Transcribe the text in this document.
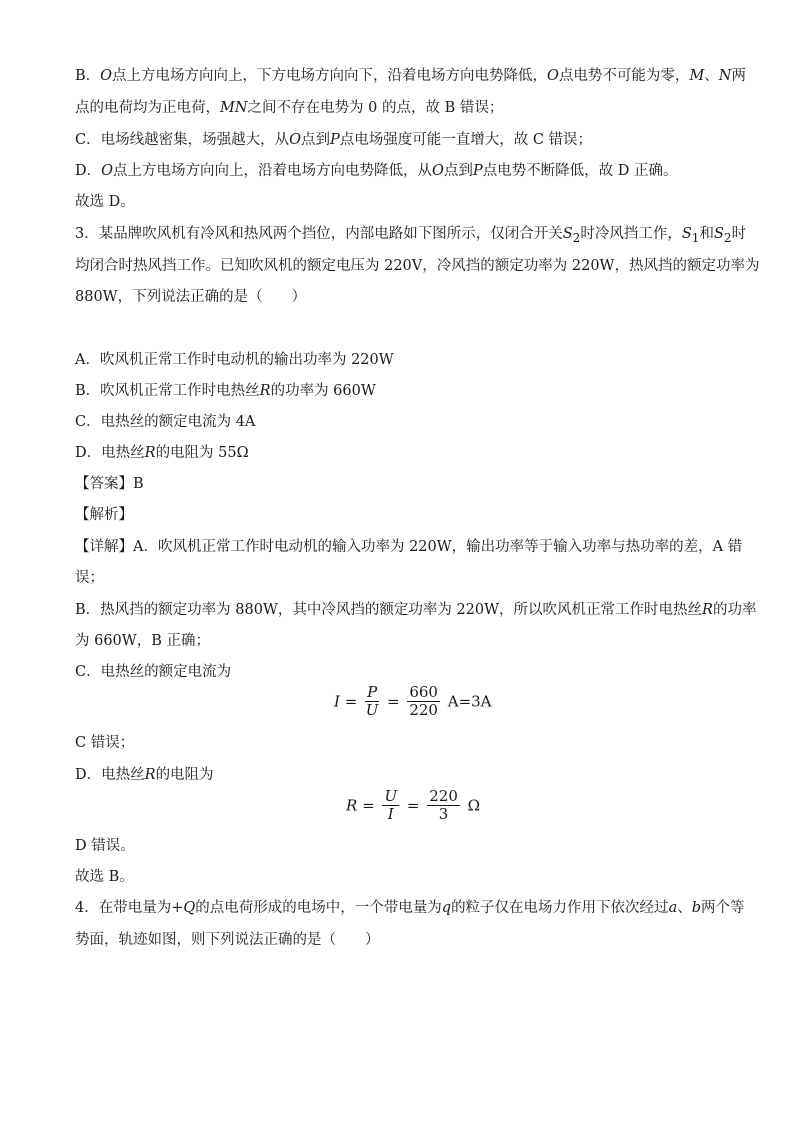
B．O点上方电场方向向上，下方电场方向向下，沿着电场方向电势降低，O点电势不可能为零，M、N两
点的电荷均为正电荷，MN之间不存在电势为 0 的点，故 B 错误；
C．电场线越密集，场强越大，从O点到P点电场强度可能一直增大，故 C 错误；
D．O点上方电场方向向上，沿着电场方向电势降低，从O点到P点电势不断降低，故 D 正确。
故选 D。
3．某品牌吹风机有冷风和热风两个挡位，内部电路如下图所示，仅闭合开关$S_2$时冷风挡工作，$S_1$和$S_2$时
均闭合时热风挡工作。已知吹风机的额定电压为 220V，冷风挡的额定功率为 220W，热风挡的额定功率为
880W，下列说法正确的是（　　）
A．吹风机正常工作时电动机的输出功率为 220W
B．吹风机正常工作时电热丝R的功率为 660W
C．电热丝的额定电流为 4A
D．电热丝R的电阻为 55Ω
【答案】B
【解析】
【详解】A．吹风机正常工作时电动机的输入功率为 220W，输出功率等于输入功率与热功率的差，A 错
误；
B．热风挡的额定功率为 880W，其中冷风挡的额定功率为 220W，所以吹风机正常工作时电热丝R的功率
为 660W，B 正确；
C．电热丝的额定电流为
$I = \frac{P}{U} = \frac{660}{220} A=3A$
C 错误；
D．电热丝R的电阻为
$R = \frac{U}{I} = \frac{220}{3}$ Ω
D 错误。
故选 B。
4．在带电量为+Q的点电荷形成的电场中，一个带电量为q的粒子仅在电场力作用下依次经过a、b两个等
势面，轨迹如图，则下列说法正确的是（　　）
